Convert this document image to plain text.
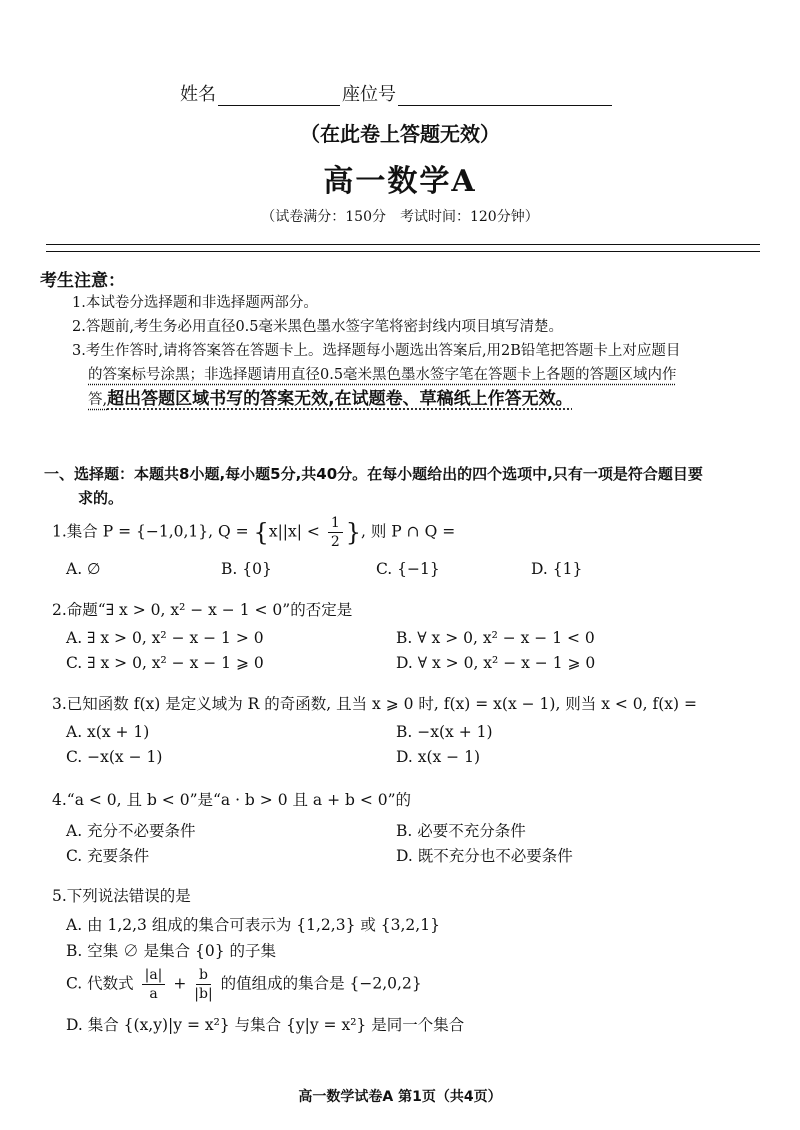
姓名	座位号
（在此卷上答题无效）
高一数学A
（试卷满分：150分　考试时间：120分钟）
考生注意：

1.本试卷分选择题和非选择题两部分。

2.答题前,考生务必用直径0.5毫米黑色墨水签字笔将密封线内项目填写清楚。

3.考生作答时,请将答案答在答题卡上。选择题每小题选出答案后,用2B铅笔把答题卡上对应题目

的答案标号涂黑；非选择题请用直径0.5毫米黑色墨水签字笔在答题卡上各题的答题区域内作

答,超出答题区域书写的答案无效,在试题卷、草稿纸上作答无效。

一、选择题：本题共8小题,每小题5分,共40分。在每小题给出的四个选项中,只有一项是符合题目要
求的。
1.集合 P = {−1,0,1}, $Q = \{x||x| < \frac{1}{2}$ }, 则 P ∩ Q =
A. ∅	B. {0}	C. {−1}	D. {1}
2.命题“∃ x > 0, x² − x − 1 < 0”的否定是
A. ∃ x > 0, x² − x − 1 > 0	B. ∀ x > 0, x² − x − 1 < 0
C. ∃ x > 0, x² − x − 1 ⩾ 0	D. ∀ x > 0, x² − x − 1 ⩾ 0
3.已知函数 f(x) 是定义域为 R 的奇函数, 且当 x ⩾ 0 时, f(x) = x(x − 1), 则当 x < 0, f(x) =
A. x(x + 1)	B. −x(x + 1)
C. −x(x − 1)	D. x(x − 1)
4.“a < 0, 且 b < 0”是“a · b > 0 且 a + b < 0”的
A. 充分不必要条件	B. 必要不充分条件
C. 充要条件	D. 既不充分也不必要条件
5.下列说法错误的是
A. 由 1,2,3 组成的集合可表示为 {1,2,3} 或 {3,2,1}
B. 空集 ∅ 是集合 {0} 的子集
C. 代数式 $\frac{|a|}{a} + \frac{b}{|b|}$ 的值组成的集合是 {−2,0,2}
D. 集合 {(x,y)|y = x²} 与集合 {y|y = x²} 是同一个集合
高一数学试卷A 第1页（共4页）
